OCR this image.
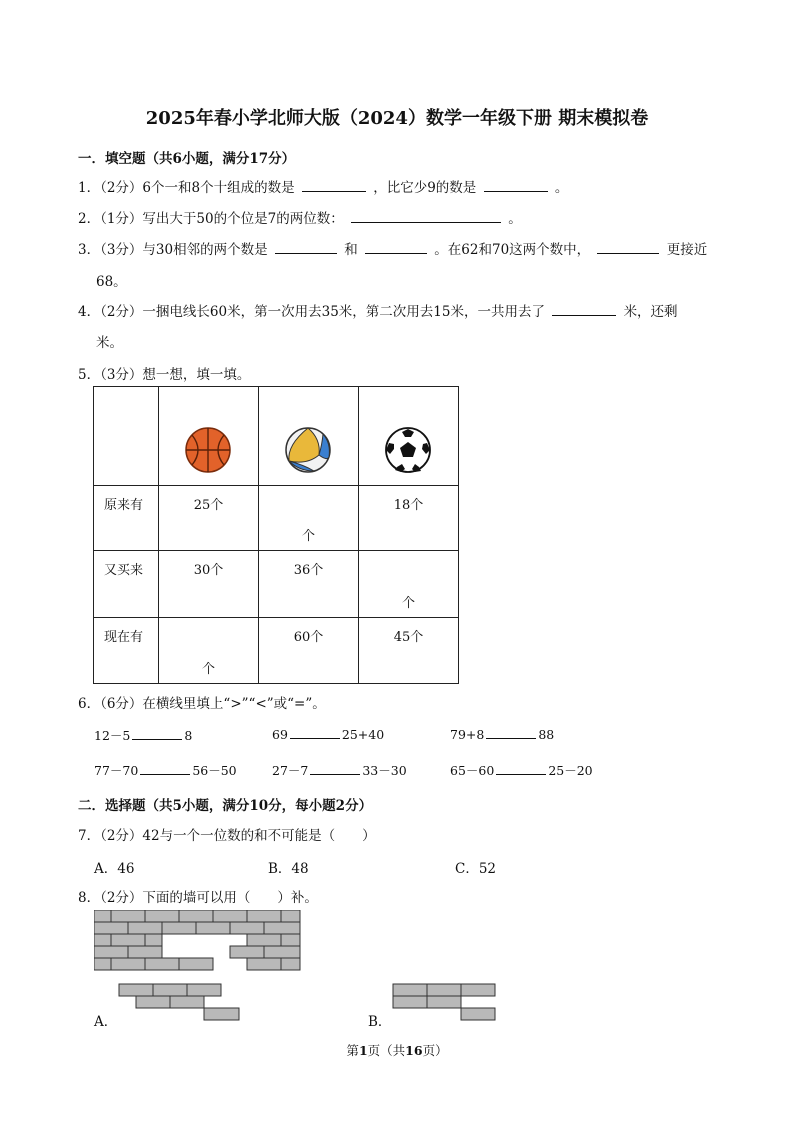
2025年春小学北师大版（2024）数学一年级下册 期末模拟卷
一．填空题（共6小题，满分17分）
1．（2分）6个一和8个十组成的数是	，比它少9的数是	。
2．（1分）写出大于50的个位是7的两位数：	。
3．（3分）与30相邻的两个数是	和	。在62和70这两个数中，	更接近
68。
4．（2分）一捆电线长60米，第一次用去35米，第二次用去15米，一共用去了	米，还剩
米。
5．（3分）想一想，填一填。

原来有	25个	个	18个

又买来	30个	36个	个

现在有	个	60个	45个
6．（6分）在横线里填上“>”“<”或“=”。
12－5	8	69	25+40	79+8	88
77－70	56－50	27－7	33－30	65－60	25－20
二．选择题（共5小题，满分10分，每小题2分）
7．（2分）42与一个一位数的和不可能是（　　）
A．46	B．48	C．52
8．（2分）下面的墙可以用（　　）补。
A．	B．
第1页（共16页）
